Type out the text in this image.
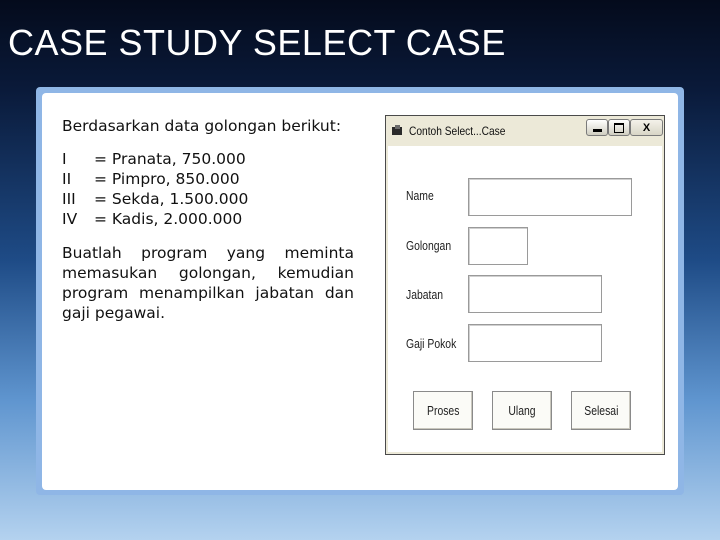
CASE STUDY SELECT CASE
Berdasarkan data golongan berikut:
I	= Pranata, 750.000
II	= Pimpro, 850.000
III	= Sekda, 1.500.000
IV	= Kadis, 2.000.000
Buatlah program yang meminta memasukan golongan, kemudian program menampilkan jabatan dan gaji pegawai.
Contoh Select...Case	X
Name
Golongan
Jabatan
Gaji Pokok
Proses	Ulang	Selesai
